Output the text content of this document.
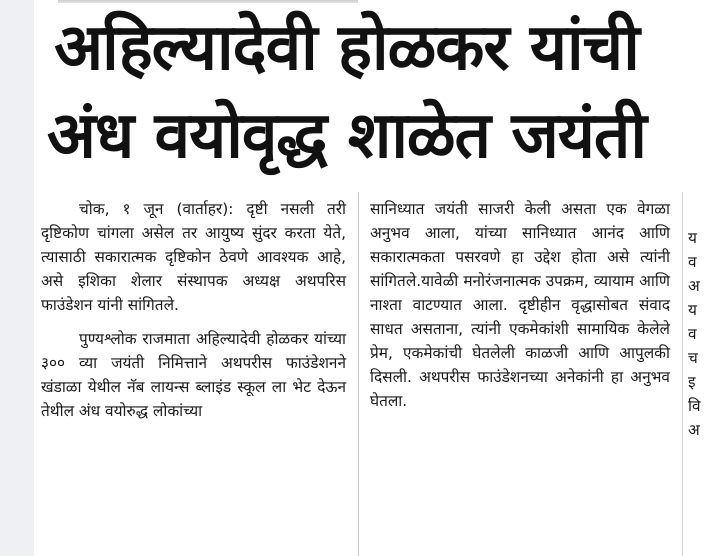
अहिल्यादेवी होळकर यांची
अंध वयोवृद्ध शाळेत जयंती

चोक, १ जून (वार्ताहर): दृष्टी नसली तरी दृष्टिकोण चांगला असेल तर आयुष्य सुंदर करता येते, त्यासाठी सकारात्मक दृष्टिकोन ठेवणे आवश्यक आहे, असे इशिका शेलार संस्थापक अध्यक्ष अथपरिस फाउंडेशन यांनी सांगितले.

पुण्यश्लोक राजमाता अहिल्यादेवी होळकर यांच्या ३०० व्या जयंती निमित्ताने अथपरीस फाउंडेशनने खंडाळा येथील नॅब लायन्स ब्लाइंड स्कूल ला भेट देऊन तेथील अंध वयोरुद्ध लोकांच्या

सानिध्यात जयंती साजरी केली असता एक वेगळा अनुभव आला, यांच्या सानिध्यात आनंद आणि सकारात्मकता पसरवणे हा उद्देश होता असे त्यांनी सांगितले.यावेळी मनोरंजनात्मक उपक्रम, व्यायाम आणि नाश्ता वाटण्यात आला. दृष्टीहीन वृद्धासोबत संवाद साधत असताना, त्यांनी एकमेकांशी सामायिक केलेले प्रेम, एकमेकांची घेतलेली काळजी आणि आपुलकी दिसली. अथपरीस फाउंडेशनच्या अनेकांनी हा अनुभव घेतला.

य
व
अ
य
व
च
इ
वि
अ
